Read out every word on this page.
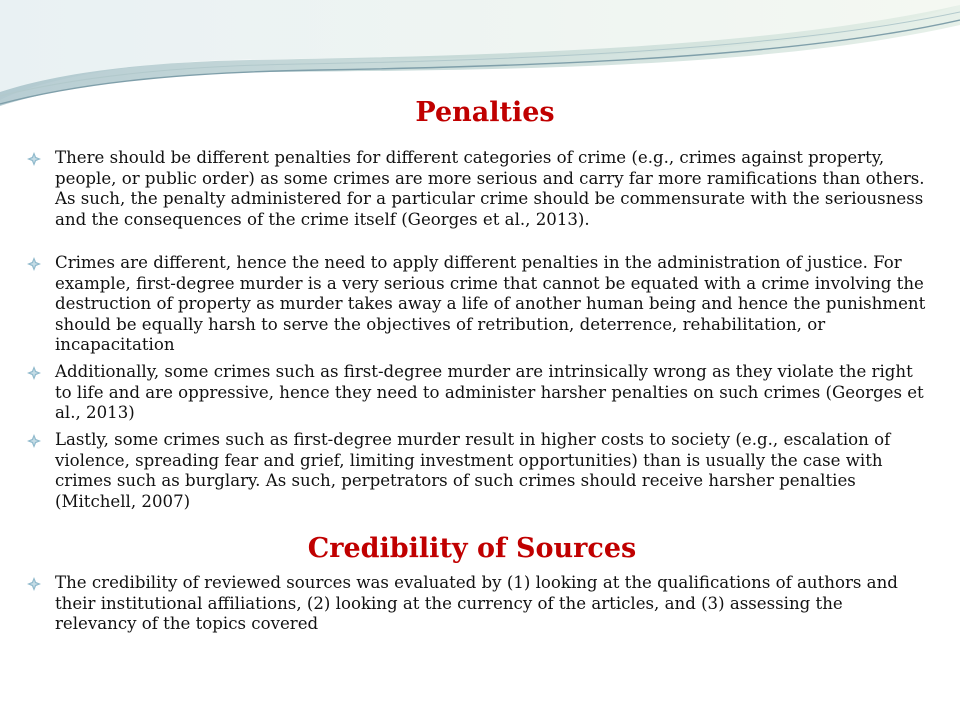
Penalties
There should be different penalties for different categories of crime (e.g., crimes against property, people, or public order) as some crimes are more serious and carry far more ramifications than others. As such, the penalty administered for a particular crime should be commensurate with the seriousness and the consequences of the crime itself (Georges et al., 2013).
Crimes are different, hence the need to apply different penalties in the administration of justice. For example, first-degree murder is a very serious crime that cannot be equated with a crime involving the destruction of property as murder takes away a life of another human being and hence the punishment should be equally harsh to serve the objectives of retribution, deterrence, rehabilitation, or incapacitation
Additionally, some crimes such as first-degree murder are intrinsically wrong as they violate the right to life and are oppressive, hence they need to administer harsher penalties on such crimes (Georges et al., 2013)
Lastly, some crimes such as first-degree murder result in higher costs to society (e.g., escalation of violence, spreading fear and grief, limiting investment opportunities) than is usually the case with crimes such as burglary. As such, perpetrators of such crimes should receive harsher penalties (Mitchell, 2007)
Credibility of Sources
The credibility of reviewed sources was evaluated by (1) looking at the qualifications of authors and their institutional affiliations, (2) looking at the currency of the articles, and (3) assessing the relevancy of the topics covered
